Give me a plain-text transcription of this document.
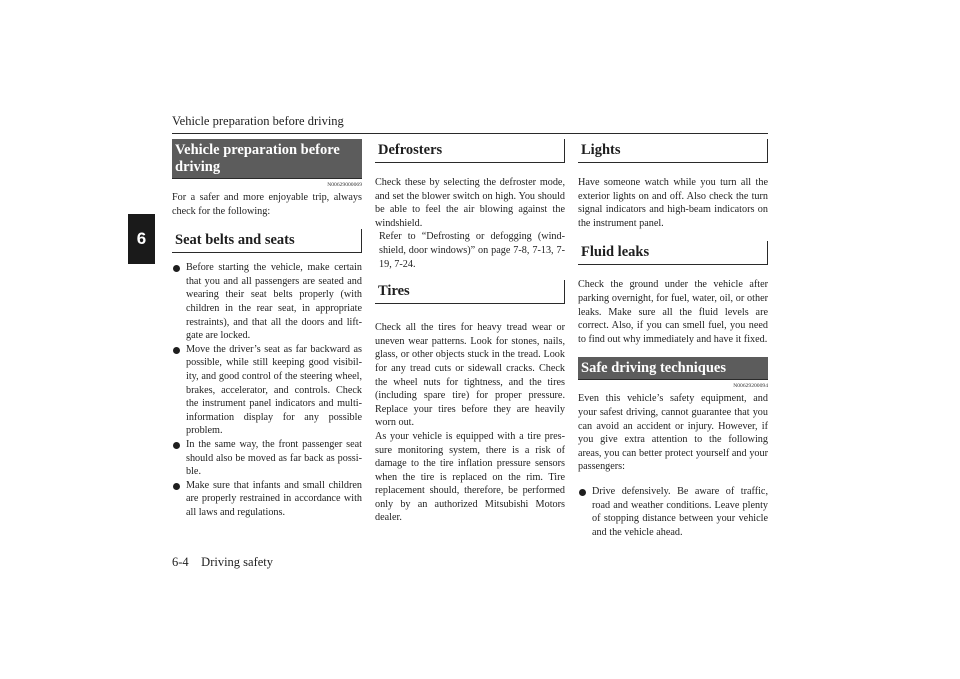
Vehicle preparation before driving
6
Vehicle preparation before driving
N00629000069

For a safer and more enjoyable trip, always check for the following:

Seat belts and seats
Before starting the vehicle, make certain that you and all passengers are seated and wearing their seat belts properly (with children in the rear seat, in appropriate restraints), and that all the doors and lift-gate are locked.
Move the driver’s seat as far backward as possible, while still keeping good visibil-ity, and good control of the steering wheel, brakes, accelerator, and controls. Check the instrument panel indicators and multi-information display for any possible problem.
In the same way, the front passenger seat should also be moved as far back as possi-ble.
Make sure that infants and small children are properly restrained in accordance with all laws and regulations.
Defrosters

Check these by selecting the defroster mode, and set the blower switch on high. You should be able to feel the air blowing against the windshield.

Refer to “Defrosting or defogging (wind-shield, door windows)” on page 7-8, 7-13, 7-19, 7-24.

Tires

Check all the tires for heavy tread wear or uneven wear patterns. Look for stones, nails, glass, or other objects stuck in the tread. Look for any tread cuts or sidewall cracks. Check the wheel nuts for tightness, and the tires (including spare tire) for proper pressure. Replace your tires before they are heavily worn out.

As your vehicle is equipped with a tire pres-sure monitoring system, there is a risk of damage to the tire inflation pressure sensors when the tire is replaced on the rim. Tire replacement should, therefore, be performed only by an authorized Mitsubishi Motors dealer.

Lights

Have someone watch while you turn all the exterior lights on and off. Also check the turn signal indicators and high-beam indicators on the instrument panel.

Fluid leaks

Check the ground under the vehicle after parking overnight, for fuel, water, oil, or other leaks. Make sure all the fluid levels are correct. Also, if you can smell fuel, you need to find out why immediately and have it fixed.

Safe driving techniques
N00629200094

Even this vehicle’s safety equipment, and your safest driving, cannot guarantee that you can avoid an accident or injury. However, if you give extra attention to the following areas, you can better protect yourself and your passengers:

Drive defensively. Be aware of traffic, road and weather conditions. Leave plenty of stopping distance between your vehicle and the vehicle ahead.
6-4    Driving safety
